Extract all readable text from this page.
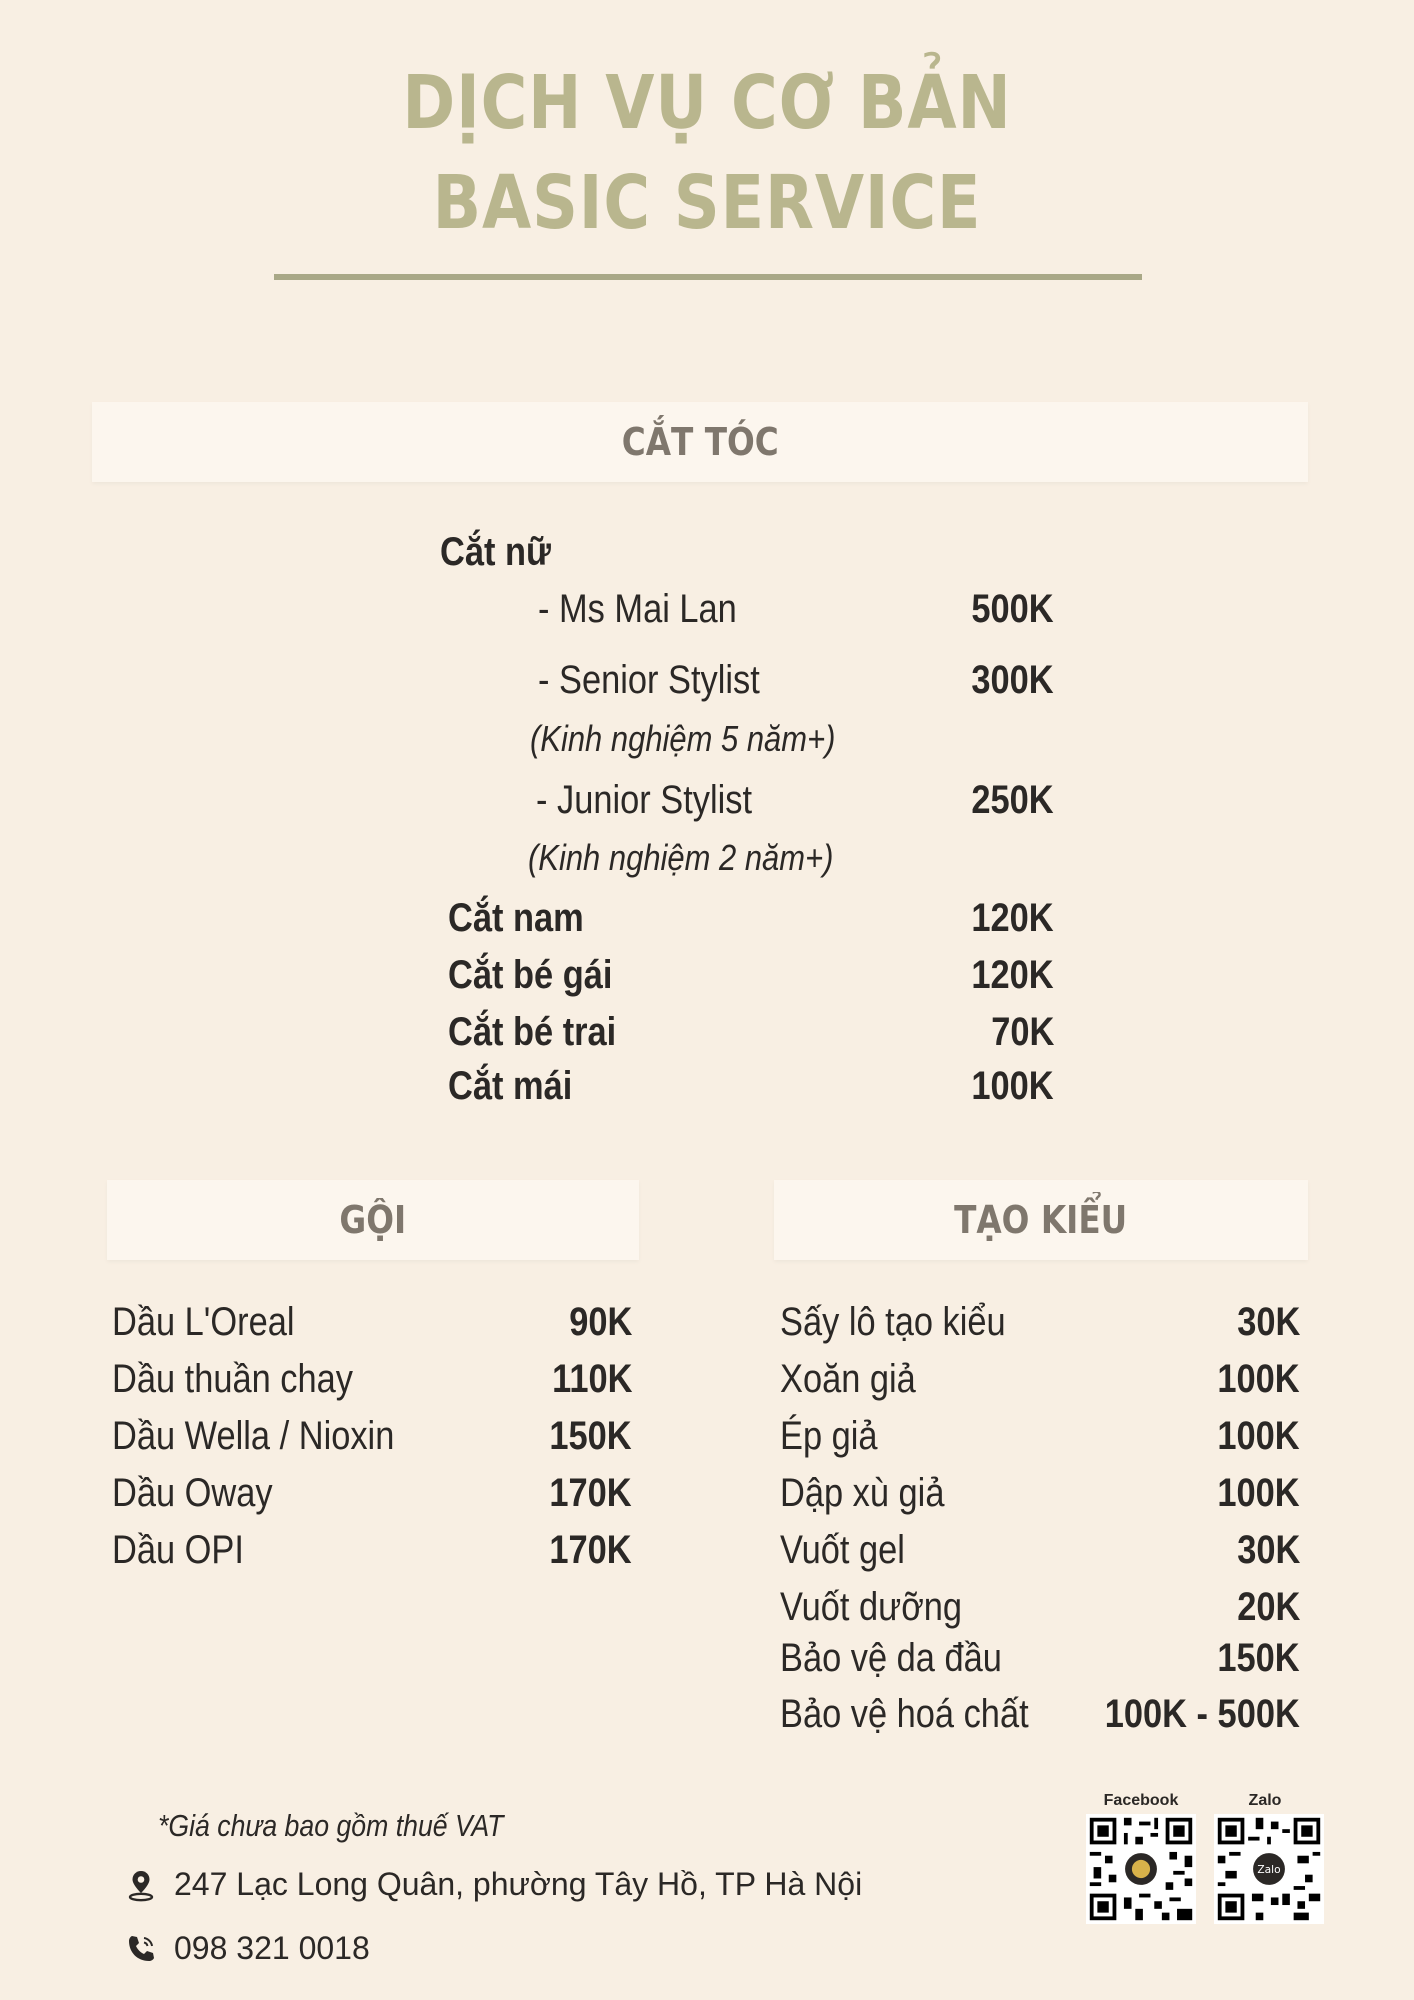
DỊCH VỤ CƠ BẢN
BASIC SERVICE
CẮT TÓC
Cắt nữ
- Ms Mai Lan	500K
- Senior Stylist	300K
(Kinh nghiệm 5 năm+)
- Junior Stylist	250K
(Kinh nghiệm 2 năm+)
Cắt nam	120K
Cắt bé gái	120K
Cắt bé trai	70K
Cắt mái	100K
GỘI
Dầu L'Oreal	90K
Dầu thuần chay	110K
Dầu Wella / Nioxin	150K
Dầu Oway	170K
Dầu OPI	170K
TẠO KIỂU
Sấy lô tạo kiểu	30K
Xoăn giả	100K
Ép giả	100K
Dập xù giả	100K
Vuốt gel	30K
Vuốt dưỡng	20K
Bảo vệ da đầu	150K
Bảo vệ hoá chất	100K - 500K
*Giá chưa bao gồm thuế VAT
247 Lạc Long Quân, phường Tây Hồ, TP Hà Nội
098 321 0018
Facebook	Zalo
Zalo
